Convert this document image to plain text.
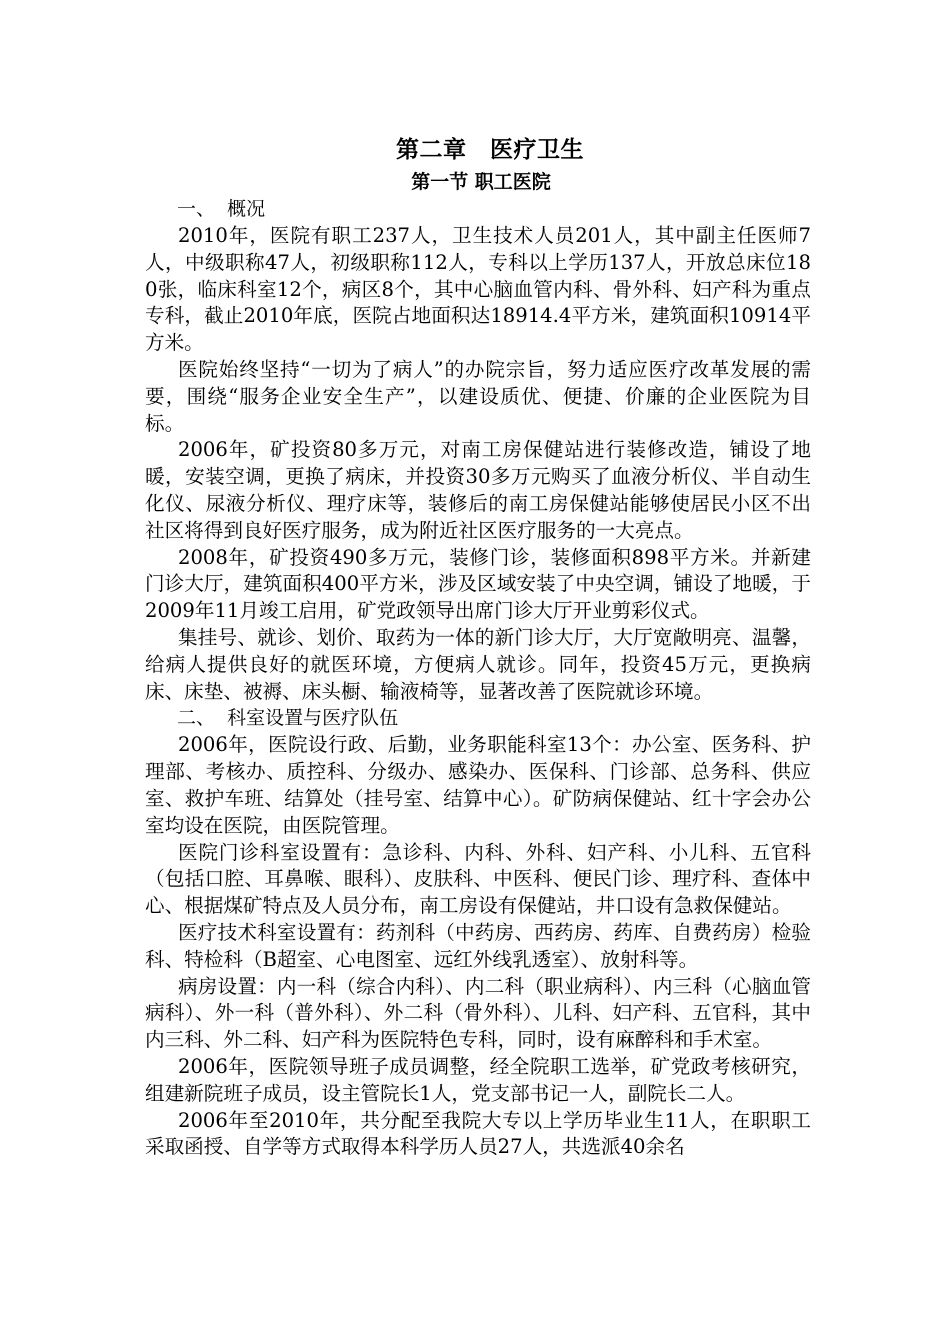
第二章　医疗卫生
第一节 职工医院

一、  概况

2010年，医院有职工237人，卫生技术人员201人，其中副主任医师7人，中级职称47人，初级职称112人，专科以上学历137人，开放总床位180张，临床科室12个，病区8个，其中心脑血管内科、骨外科、妇产科为重点专科，截止2010年底，医院占地面积达18914.4平方米，建筑面积10914平方米。

医院始终坚持“一切为了病人”的办院宗旨，努力适应医疗改革发展的需要，围绕“服务企业安全生产”，以建设质优、便捷、价廉的企业医院为目标。

2006年，矿投资80多万元，对南工房保健站进行装修改造，铺设了地暖，安装空调，更换了病床，并投资30多万元购买了血液分析仪、半自动生化仪、尿液分析仪、理疗床等，装修后的南工房保健站能够使居民小区不出社区将得到良好医疗服务，成为附近社区医疗服务的一大亮点。

2008年，矿投资490多万元，装修门诊，装修面积898平方米。并新建门诊大厅，建筑面积400平方米，涉及区域安装了中央空调，铺设了地暖，于2009年11月竣工启用，矿党政领导出席门诊大厅开业剪彩仪式。

集挂号、就诊、划价、取药为一体的新门诊大厅，大厅宽敞明亮、温馨，给病人提供良好的就医环境，方便病人就诊。同年，投资45万元，更换病床、床垫、被褥、床头橱、输液椅等，显著改善了医院就诊环境。

二、  科室设置与医疗队伍

2006年，医院设行政、后勤，业务职能科室13个：办公室、医务科、护理部、考核办、质控科、分级办、感染办、医保科、门诊部、总务科、供应室、救护车班、结算处（挂号室、结算中心）。矿防病保健站、红十字会办公室均设在医院，由医院管理。

医院门诊科室设置有：急诊科、内科、外科、妇产科、小儿科、五官科（包括口腔、耳鼻喉、眼科）、皮肤科、中医科、便民门诊、理疗科、查体中心、根据煤矿特点及人员分布，南工房设有保健站，井口设有急救保健站。

医疗技术科室设置有：药剂科（中药房、西药房、药库、自费药房）检验科、特检科（B超室、心电图室、远红外线乳透室）、放射科等。

病房设置：内一科（综合内科）、内二科（职业病科）、内三科（心脑血管病科）、外一科（普外科）、外二科（骨外科）、儿科、妇产科、五官科，其中内三科、外二科、妇产科为医院特色专科，同时，设有麻醉科和手术室。

2006年，医院领导班子成员调整，经全院职工选举，矿党政考核研究，组建新院班子成员，设主管院长1人，党支部书记一人，副院长二人。

2006年至2010年，共分配至我院大专以上学历毕业生11人，在职职工采取函授、自学等方式取得本科学历人员27人，共选派40余名
